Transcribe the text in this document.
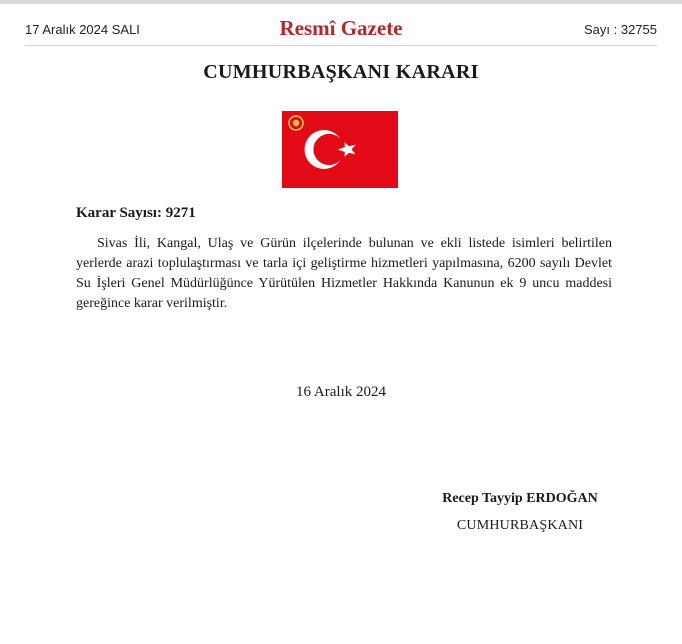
17 Aralık 2024 SALI	Resmî Gazete	Sayı : 32755
CUMHURBAŞKANI KARARI
Karar Sayısı: 9271
Sivas İli, Kangal, Ulaş ve Gürün ilçelerinde bulunan ve ekli listede isimleri belirtilen
yerlerde arazi toplulaştırması ve tarla içi geliştirme hizmetleri yapılmasına, 6200 sayılı Devlet
Su İşleri Genel Müdürlüğünce Yürütülen Hizmetler Hakkında Kanunun ek 9 uncu maddesi
gereğince karar verilmiştir.
16 Aralık 2024
Recep Tayyip ERDOĞAN
CUMHURBAŞKANI
